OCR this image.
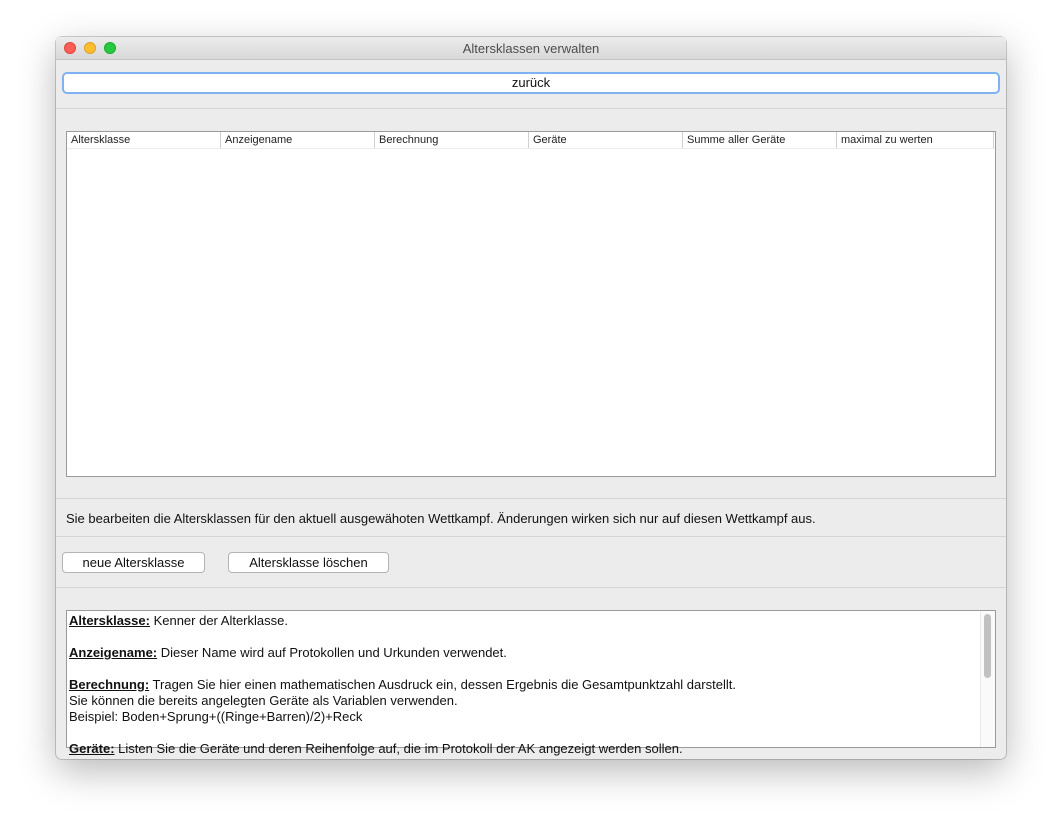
Altersklassen verwalten
zurück
Altersklasse	Anzeigename	Berechnung	Geräte	Summe aller Geräte	maximal zu werten
Sie bearbeiten die Altersklassen für den aktuell ausgewähoten Wettkampf. Änderungen wirken sich nur auf diesen Wettkampf aus.
neue Altersklasse	Altersklasse löschen

Altersklasse: Kenner der Alterklasse.

Anzeigename: Dieser Name wird auf Protokollen und Urkunden verwendet.

Berechnung: Tragen Sie hier einen mathematischen Ausdruck ein, dessen Ergebnis die Gesamtpunktzahl darstellt.

Sie können die bereits angelegten Geräte als Variablen verwenden.

Beispiel: Boden+Sprung+((Ringe+Barren)/2)+Reck

Geräte: Listen Sie die Geräte und deren Reihenfolge auf, die im Protokoll der AK angezeigt werden sollen.
